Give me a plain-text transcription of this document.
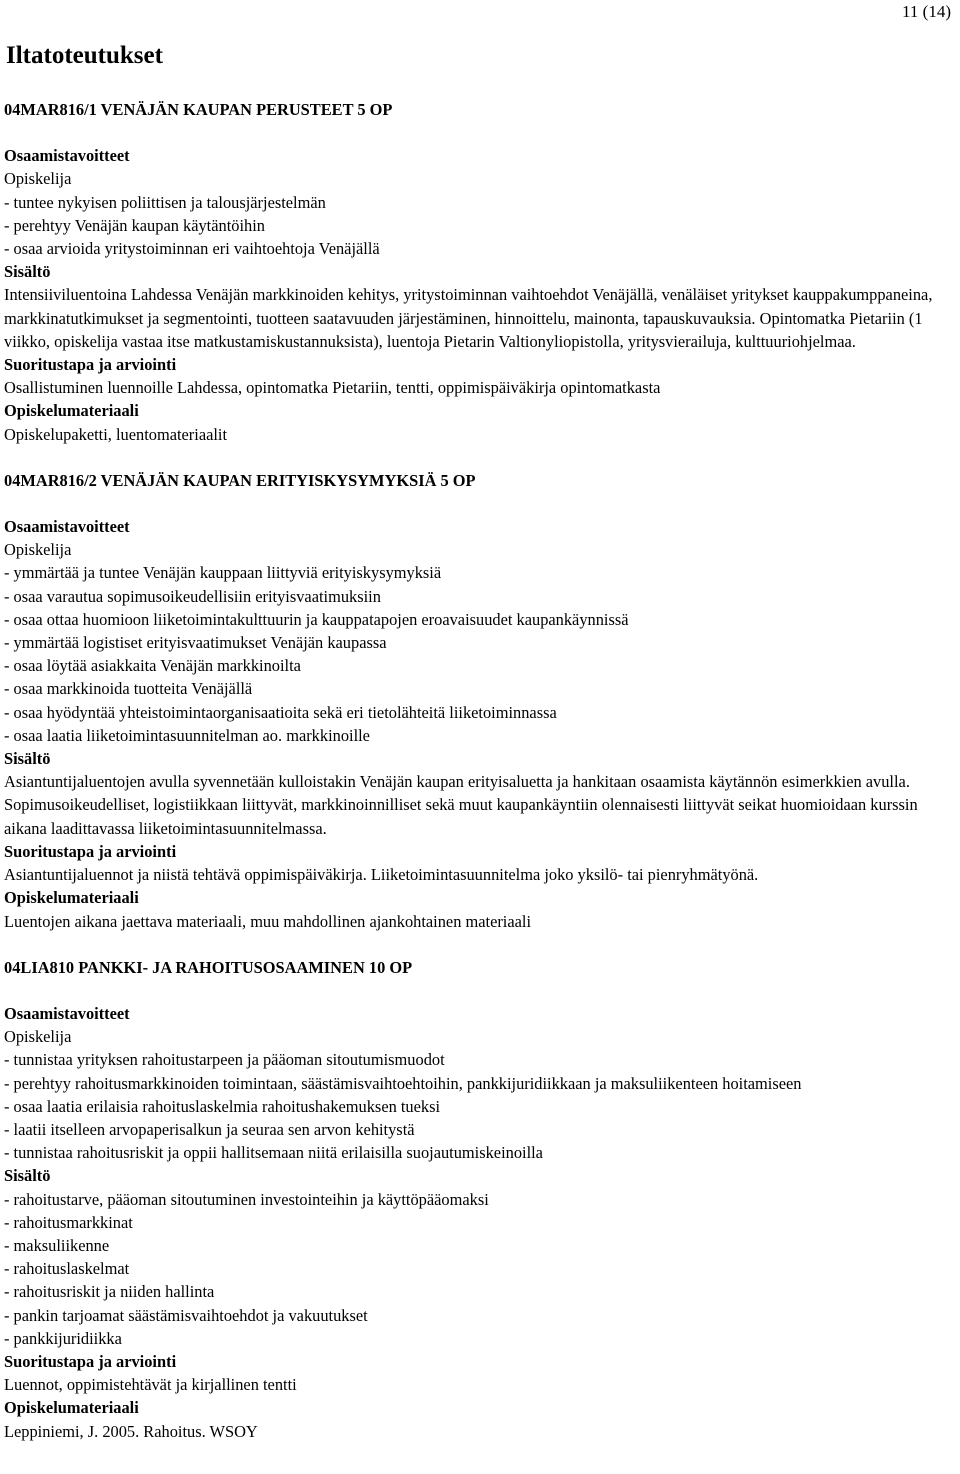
11 (14)
Iltatoteutukset

04MAR816/1 VENÄJÄN KAUPAN PERUSTEET 5 OP

Osaamistavoitteet

Opiskelija

- tuntee nykyisen poliittisen ja talousjärjestelmän

- perehtyy Venäjän kaupan käytäntöihin

- osaa arvioida yritystoiminnan eri vaihtoehtoja Venäjällä

Sisältö

Intensiiviluentoina Lahdessa Venäjän markkinoiden kehitys, yritystoiminnan vaihtoehdot Venäjällä, venäläiset yritykset kauppakumppaneina, markkinatutkimukset ja segmentointi, tuotteen saatavuuden järjestäminen, hinnoittelu, mainonta, tapauskuvauksia. Opintomatka Pietariin (1 viikko, opiskelija vastaa itse matkustamiskustannuksista), luentoja Pietarin Valtionyliopistolla, yritysvierailuja, kulttuuriohjelmaa.

Suoritustapa ja arviointi

Osallistuminen luennoille Lahdessa, opintomatka Pietariin, tentti, oppimispäiväkirja opintomatkasta

Opiskelumateriaali

Opiskelupaketti, luentomateriaalit

04MAR816/2 VENÄJÄN KAUPAN ERITYISKYSYMYKSIÄ 5 OP

Osaamistavoitteet

Opiskelija

- ymmärtää ja tuntee Venäjän kauppaan liittyviä erityiskysymyksiä

- osaa varautua sopimusoikeudellisiin erityisvaatimuksiin

- osaa ottaa huomioon liiketoimintakulttuurin ja kauppatapojen eroavaisuudet kaupankäynnissä

- ymmärtää logistiset erityisvaatimukset Venäjän kaupassa

- osaa löytää asiakkaita Venäjän markkinoilta

- osaa markkinoida tuotteita Venäjällä

- osaa hyödyntää yhteistoimintaorganisaatioita sekä eri tietolähteitä liiketoiminnassa

- osaa laatia liiketoimintasuunnitelman ao. markkinoille

Sisältö

Asiantuntijaluentojen avulla syvennetään kulloistakin Venäjän kaupan erityisaluetta ja hankitaan osaamista käytännön esimerkkien avulla. Sopimusoikeudelliset, logistiikkaan liittyvät, markkinoinnilliset sekä muut kaupankäyntiin olennaisesti liittyvät seikat huomioidaan kurssin aikana laadittavassa liiketoimintasuunnitelmassa.

Suoritustapa ja arviointi

Asiantuntijaluennot ja niistä tehtävä oppimispäiväkirja. Liiketoimintasuunnitelma joko yksilö- tai pienryhmätyönä.

Opiskelumateriaali

Luentojen aikana jaettava materiaali, muu mahdollinen ajankohtainen materiaali

04LIA810 PANKKI- JA RAHOITUSOSAAMINEN 10 OP

Osaamistavoitteet

Opiskelija

- tunnistaa yrityksen rahoitustarpeen ja pääoman sitoutumismuodot

- perehtyy rahoitusmarkkinoiden toimintaan, säästämisvaihtoehtoihin, pankkijuridiikkaan ja maksuliikenteen hoitamiseen

- osaa laatia erilaisia rahoituslaskelmia rahoitushakemuksen tueksi

- laatii itselleen arvopaperisalkun ja seuraa sen arvon kehitystä

- tunnistaa rahoitusriskit ja oppii hallitsemaan niitä erilaisilla suojautumiskeinoilla

Sisältö

- rahoitustarve, pääoman sitoutuminen investointeihin ja käyttöpääomaksi

- rahoitusmarkkinat

- maksuliikenne

- rahoituslaskelmat

- rahoitusriskit ja niiden hallinta

- pankin tarjoamat säästämisvaihtoehdot ja vakuutukset

- pankkijuridiikka

Suoritustapa ja arviointi

Luennot, oppimistehtävät ja kirjallinen tentti

Opiskelumateriaali

Leppiniemi, J. 2005. Rahoitus. WSOY
